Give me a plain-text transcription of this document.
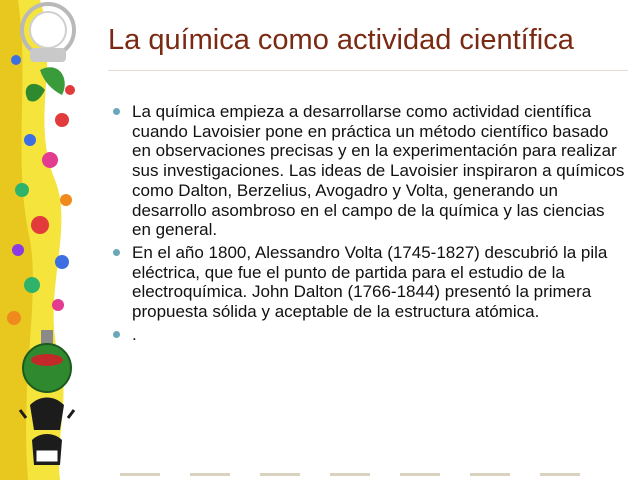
La química como actividad científica
La química empieza a desarrollarse como actividad científica cuando Lavoisier pone en práctica un método científico basado en observaciones precisas y en la experimentación para realizar sus investigaciones. Las ideas de Lavoisier inspiraron a químicos como Dalton, Berzelius, Avogadro y Volta, generando un desarrollo asombroso en el campo de la química y las ciencias en general.
En el año 1800, Alessandro Volta (1745-1827) descubrió la pila eléctrica, que fue el punto de partida para el estudio de la electroquímica. John Dalton (1766-1844) presentó la primera propuesta sólida y aceptable de la estructura atómica.
.
